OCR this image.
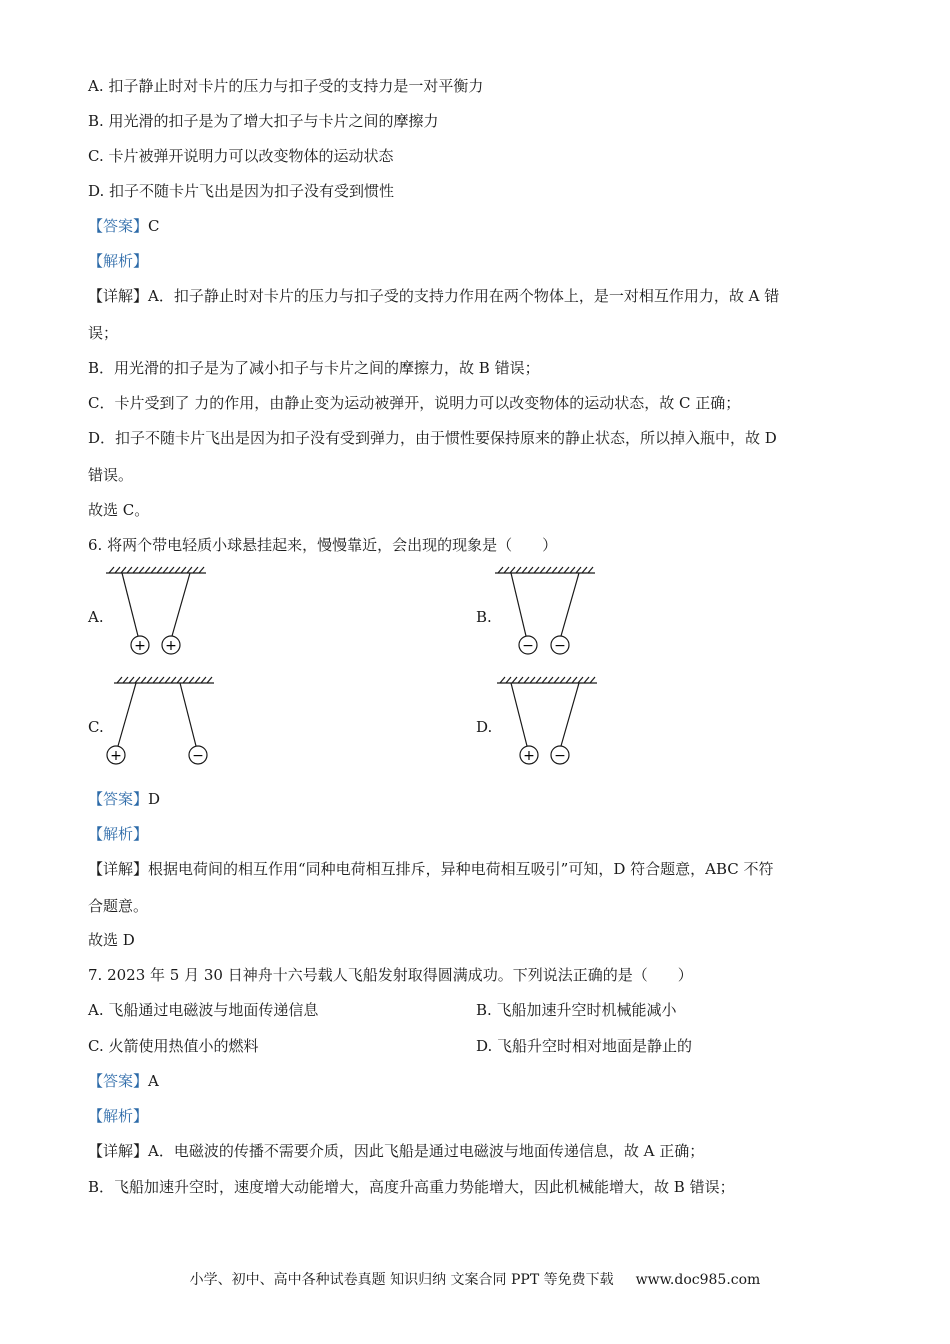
A. 扣子静止时对卡片的压力与扣子受的支持力是一对平衡力
B. 用光滑的扣子是为了增大扣子与卡片之间的摩擦力
C. 卡片被弹开说明力可以改变物体的运动状态
D. 扣子不随卡片飞出是因为扣子没有受到惯性
【答案】C
【解析】
【详解】A．扣子静止时对卡片的压力与扣子受的支持力作用在两个物体上，是一对相互作用力，故 A 错
误；
B．用光滑的扣子是为了减小扣子与卡片之间的摩擦力，故 B 错误；
C．卡片受到了 力的作用，由静止变为运动被弹开，说明力可以改变物体的运动状态，故 C 正确；
D．扣子不随卡片飞出是因为扣子没有受到弹力，由于惯性要保持原来的静止状态，所以掉入瓶中，故 D
错误。
故选 C。
6. 将两个带电轻质小球悬挂起来，慢慢靠近，会出现的现象是（　　）
A.	B.
C.	D.
+ +	− −
+	−	+ −
【答案】D
【解析】
【详解】根据电荷间的相互作用“同种电荷相互排斥，异种电荷相互吸引”可知，D 符合题意，ABC 不符
合题意。
故选 D
7. 2023 年 5 月 30 日神舟十六号载人飞船发射取得圆满成功。下列说法正确的是（　　）
A. 飞船通过电磁波与地面传递信息	B. 飞船加速升空时机械能减小
C. 火箭使用热值小的燃料	D. 飞船升空时相对地面是静止的
【答案】A
【解析】
【详解】A．电磁波的传播不需要介质，因此飞船是通过电磁波与地面传递信息，故 A 正确；
B．飞船加速升空时，速度增大动能增大，高度升高重力势能增大，因此机械能增大，故 B 错误；
小学、初中、高中各种试卷真题 知识归纳 文案合同 PPT 等免费下载 www.doc985.com
